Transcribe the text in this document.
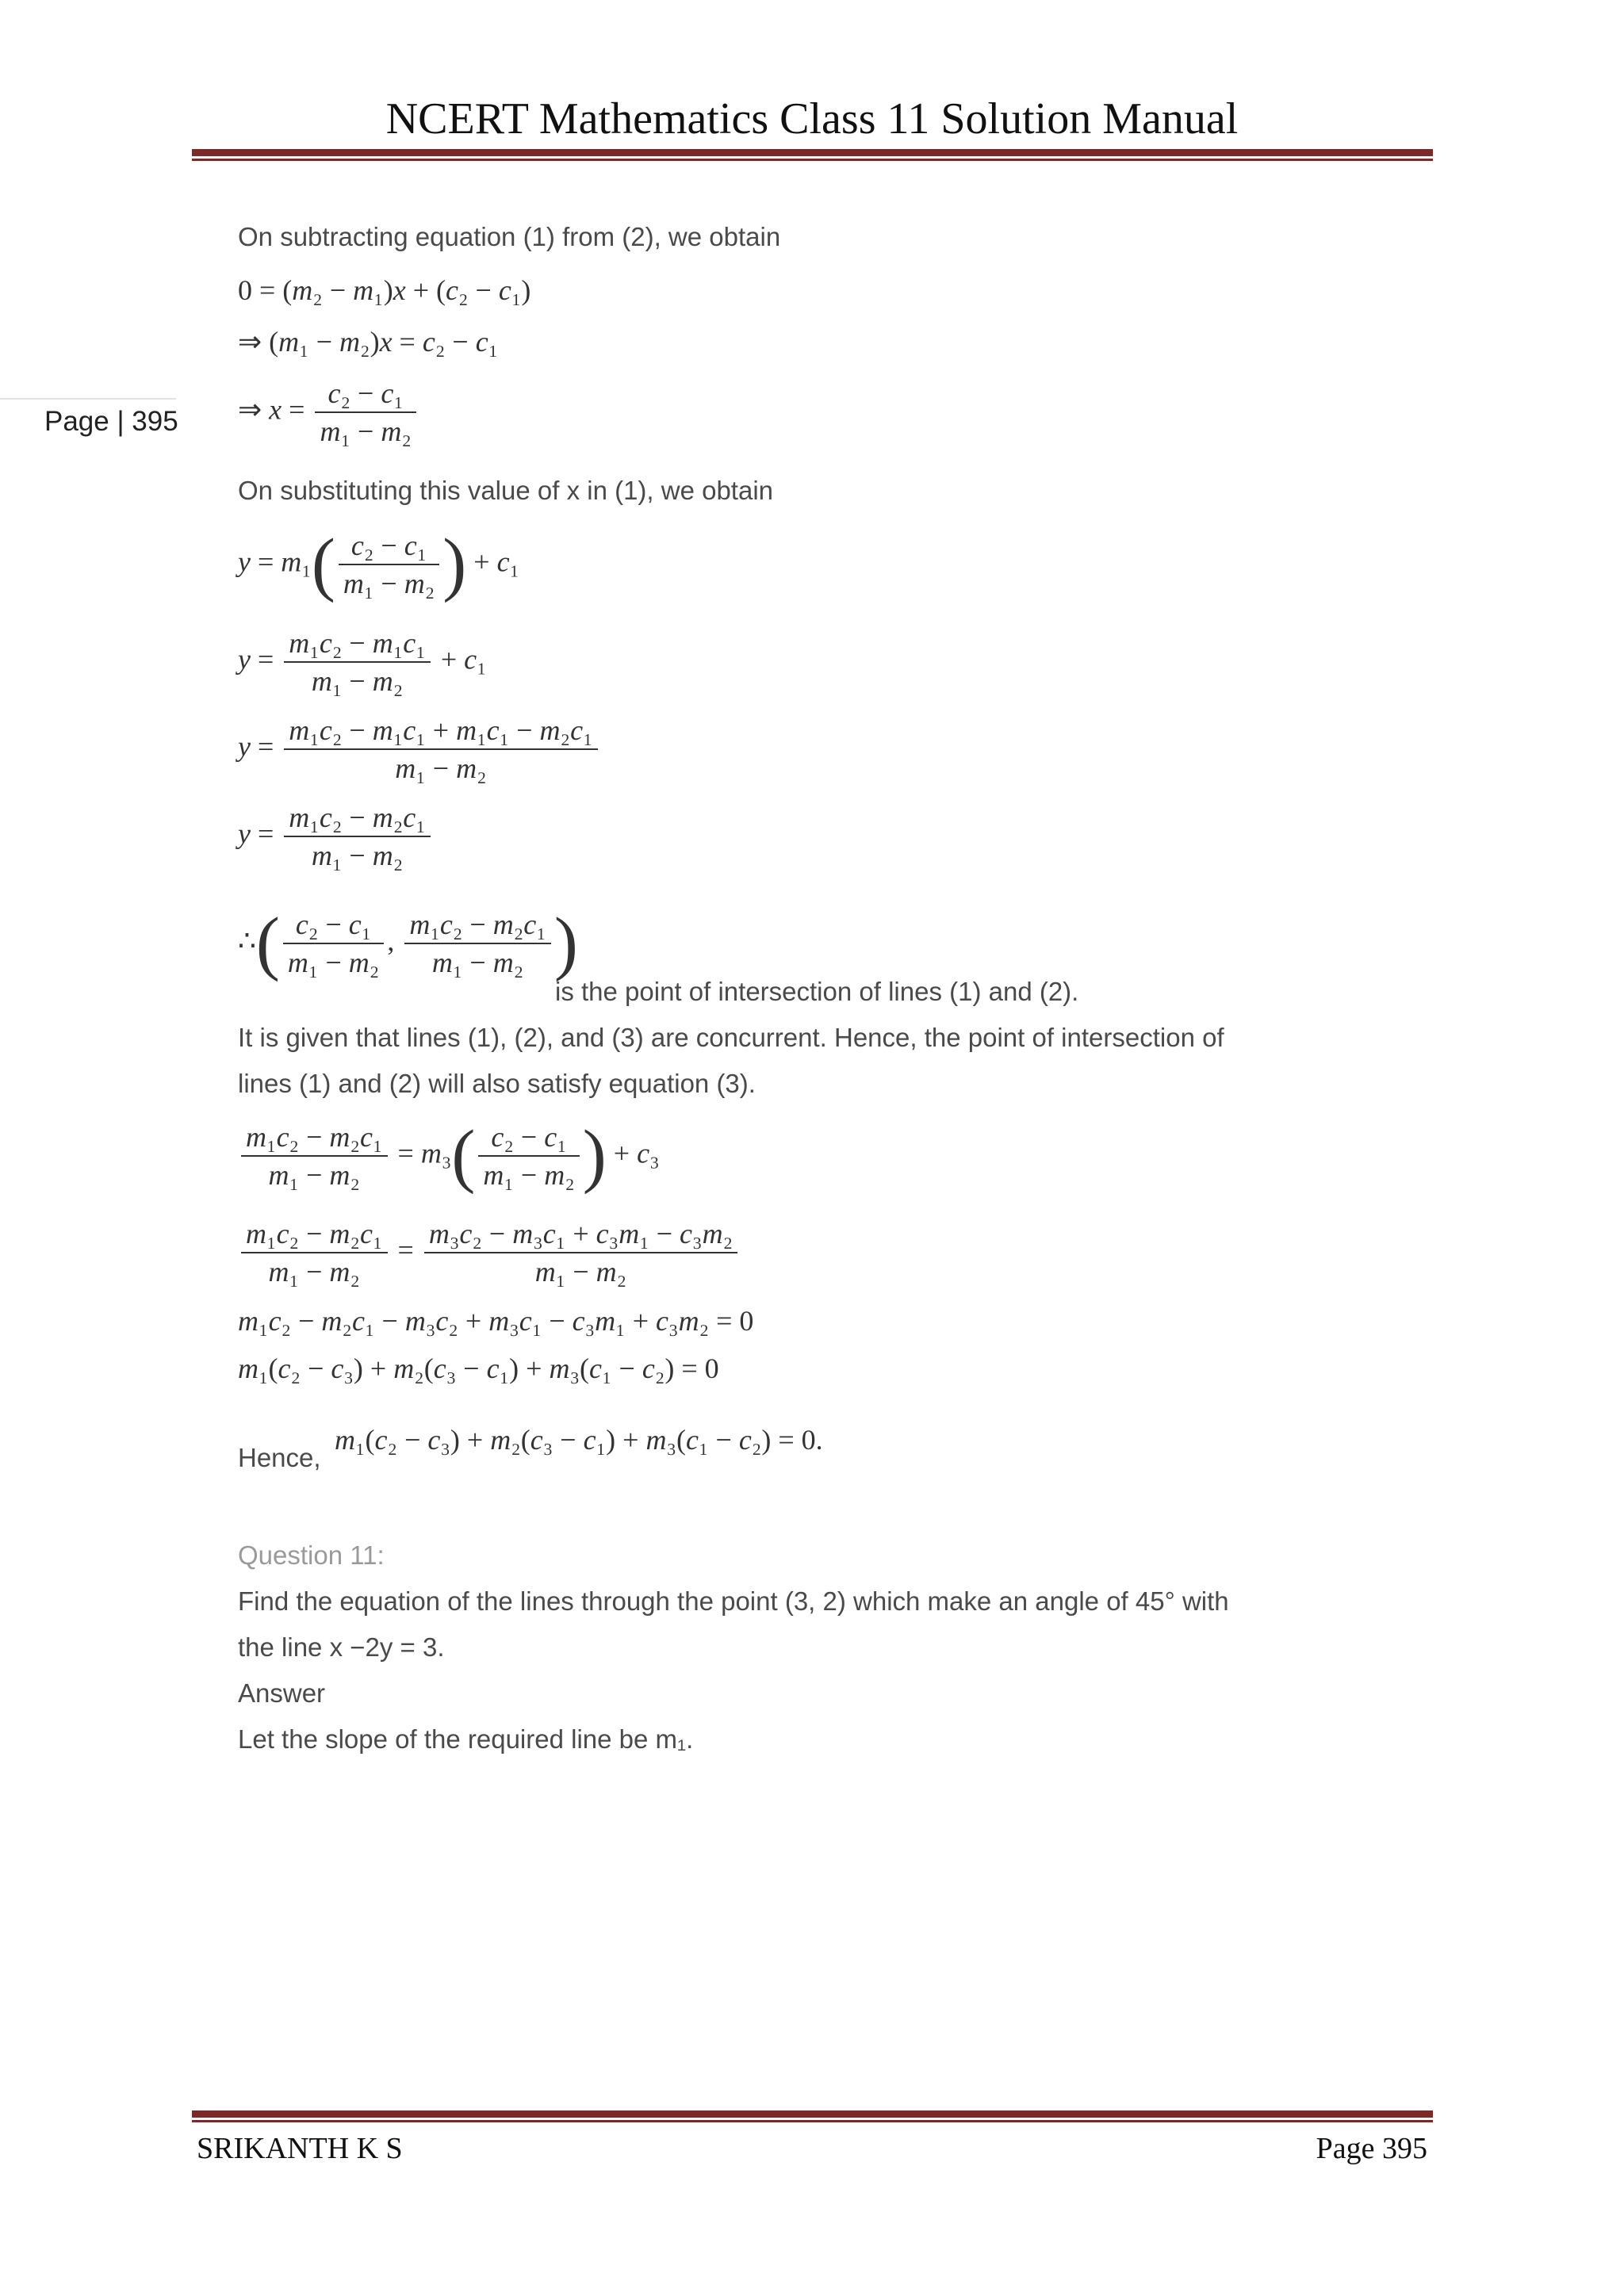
NCERT Mathematics Class 11 Solution Manual
Page | 395
On subtracting equation (1) from (2), we obtain
0 = (m₂ − m₁)x + (c₂ − c₁)
⇒ (m₁ − m₂)x = c₂ − c₁
⇒ $x = \frac{\text{c₂ − c₁}}{\text{m₁ − m₂}}$
On substituting this value of x in (1), we obtain
$y = m_1( \frac{\text{c₂ − c₁}}{\text{m₁ − m₂}}$ ) + c₁
$y = \frac{\text{m₁c₂ − m₁c₁}}{\text{m₁ − m₂}} + c_1$
$y = \frac{\text{m₁c₂ − m₁c₁ + m₁c₁ − m₂c₁}}{\text{m₁ − m₂}}$
$y = \frac{\text{m₁c₂ − m₂c₁}}{\text{m₁ − m₂}}$
∴( $\frac{\text{c₂ − c₁}}{\text{m₁ − m₂}}$ , $\frac{\text{m₁c₂ − m₂c₁}}{\text{m₁ − m₂}}$ )
is the point of intersection of lines (1) and (2).
It is given that lines (1), (2), and (3) are concurrent. Hence, the point of intersection of
lines (1) and (2) will also satisfy equation (3).
$\frac{\text{m₁c₂ − m₂c₁}}{\text{m₁ − m₂}} = m_3( \frac{\text{c₂ − c₁}}{\text{m₁ − m₂}}$ ) + c₃
$\frac{\text{m₁c₂ − m₂c₁}}{\text{m₁ − m₂}} = \frac{\text{m₃c₂ − m₃c₁ + c₃m₁ − c₃m₂}}{\text{m₁ − m₂}}$
m₁c₂ − m₂c₁ − m₃c₂ + m₃c₁ − c₃m₁ + c₃m₂ = 0
m₁(c₂ − c₃) + m₂(c₃ − c₁) + m₃(c₁ − c₂) = 0
Hence,
m₁(c₂ − c₃) + m₂(c₃ − c₁) + m₃(c₁ − c₂) = 0.
Question 11:
Find the equation of the lines through the point (3, 2) which make an angle of 45° with
the line x −2y = 3.
Answer
Let the slope of the required line be m₁.
SRIKANTH K S	Page 395
